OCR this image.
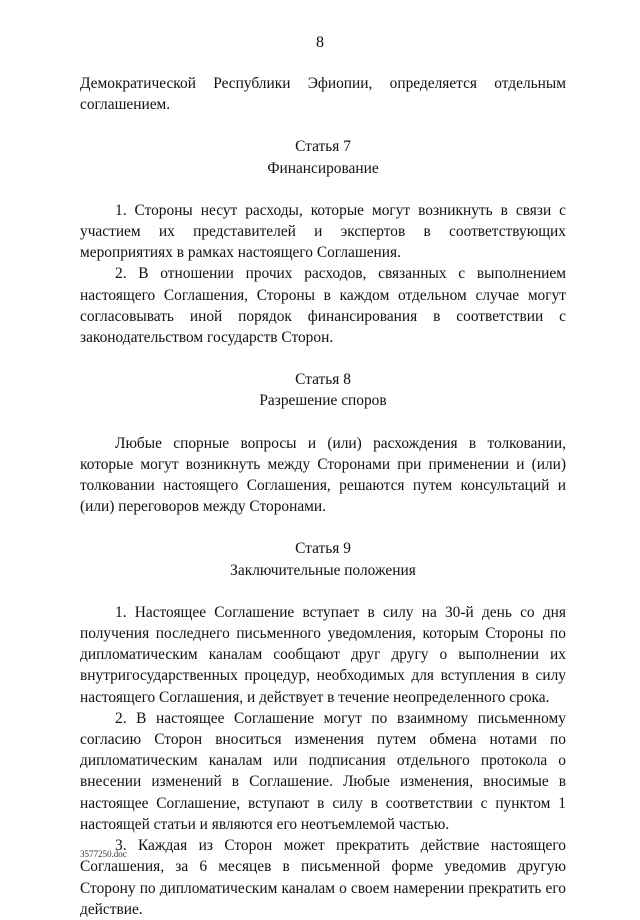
8

Демократической Республики Эфиопии, определяется отдельным соглашением.

Статья 7

Финансирование

1. Стороны несут расходы, которые могут возникнуть в связи с участием их представителей и экспертов в соответствующих мероприятиях в рамках настоящего Соглашения.

2. В отношении прочих расходов, связанных с выполнением настоящего Соглашения, Стороны в каждом отдельном случае могут согласовывать иной порядок финансирования в соответствии с законодательством государств Сторон.

Статья 8

Разрешение споров

Любые спорные вопросы и (или) расхождения в толковании, которые могут возникнуть между Сторонами при применении и (или) толковании настоящего Соглашения, решаются путем консультаций и (или) переговоров между Сторонами.

Статья 9

Заключительные положения

1. Настоящее Соглашение вступает в силу на 30-й день со дня получения последнего письменного уведомления, которым Стороны по дипломатическим каналам сообщают друг другу о выполнении их внутригосударственных процедур, необходимых для вступления в силу настоящего Соглашения, и действует в течение неопределенного срока.

2. В настоящее Соглашение могут по взаимному письменному согласию Сторон вноситься изменения путем обмена нотами по дипломатическим каналам или подписания отдельного протокола о внесении изменений в Соглашение. Любые изменения, вносимые в настоящее Соглашение, вступают в силу в соответствии с пунктом 1 настоящей статьи и являются его неотъемлемой частью.

3. Каждая из Сторон может прекратить действие настоящего Соглашения, за 6 месяцев в письменной форме уведомив другую Сторону по дипломатическим каналам о своем намерении прекратить его действие.

3577250.doc
